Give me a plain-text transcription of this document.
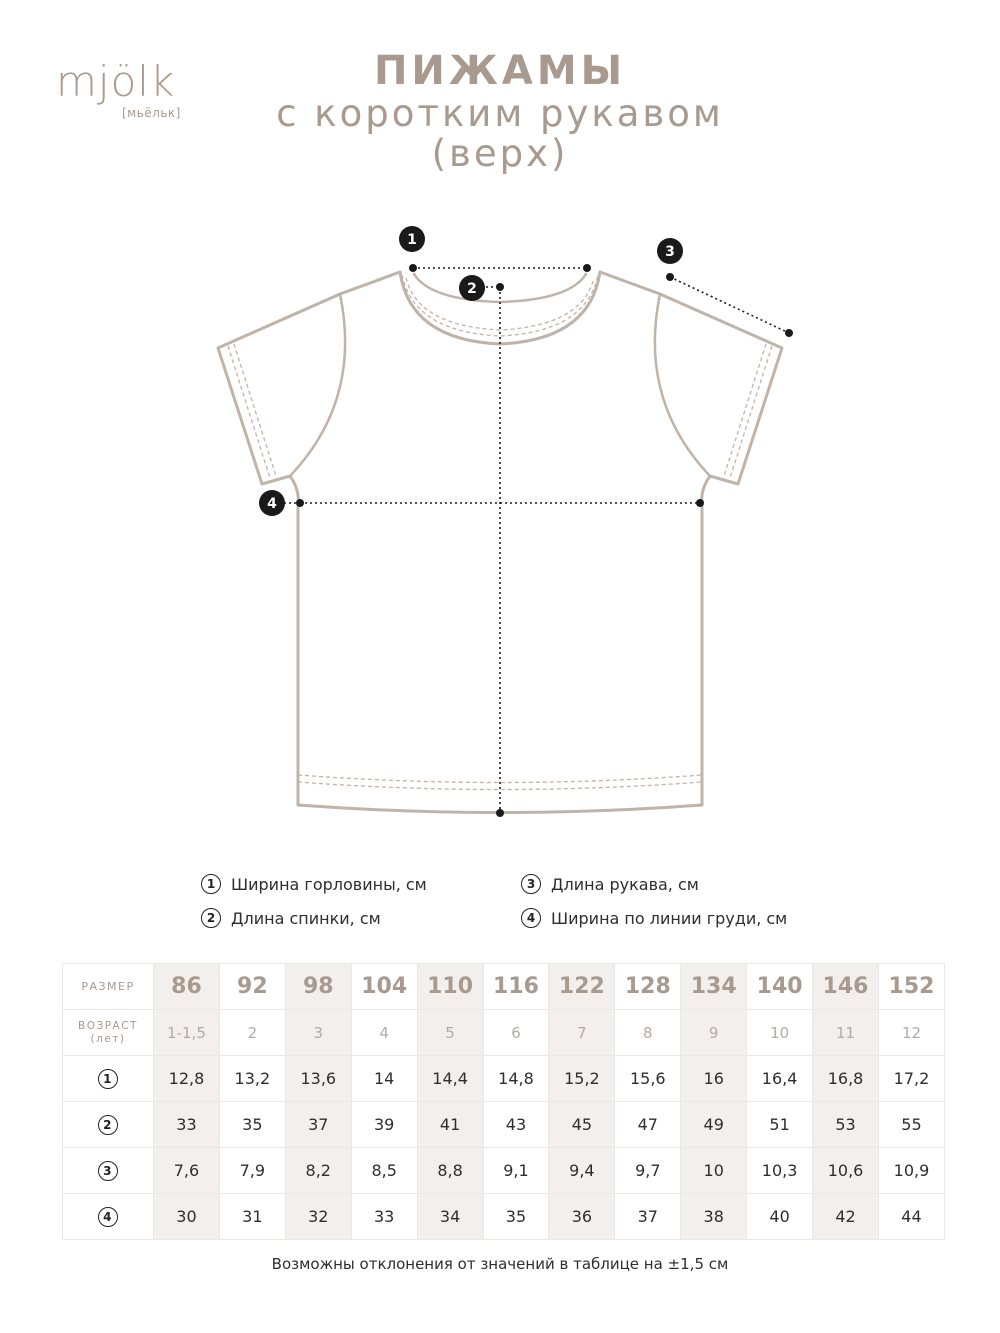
mjölk
[мьёльк]
ПИЖАМЫ
с коротким рукавом
(верх)
1
2
3
4
1 Ширина горловины, см
2 Длина спинки, см
3 Длина рукава, см
4 Ширина по линии груди, см
РАЗМЕР	86	92	98	104	110	116	122	128	134	140	146	152

ВОЗРАСТ
(лет)	1-1,5	2	3	4	5	6	7	8	9	10	11	12
1	12,8	13,2	13,6	14	14,4	14,8	15,2	15,6	16	16,4	16,8	17,2
2	33	35	37	39	41	43	45	47	49	51	53	55
3	7,6	7,9	8,2	8,5	8,8	9,1	9,4	9,7	10	10,3	10,6	10,9
4	30	31	32	33	34	35	36	37	38	40	42	44
Возможны отклонения от значений в таблице на ±1,5 см
